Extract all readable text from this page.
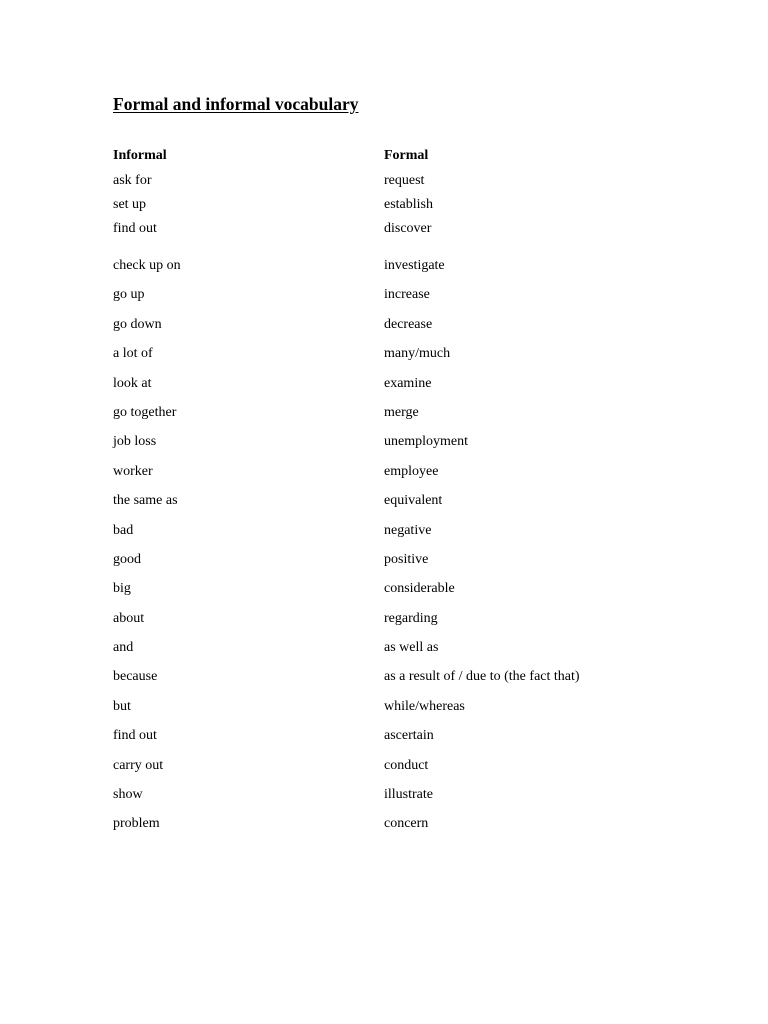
Formal and informal vocabulary
Informal	Formal
ask for	request
set up	establish
find out	discover
check up on	investigate
go up	increase
go down	decrease
a lot of	many/much
look at	examine
go together	merge
job loss	unemployment
worker	employee
the same as	equivalent
bad	negative
good	positive
big	considerable
about	regarding
and	as well as
because	as a result of / due to (the fact that)
but	while/whereas
find out	ascertain
carry out	conduct
show	illustrate
problem	concern
